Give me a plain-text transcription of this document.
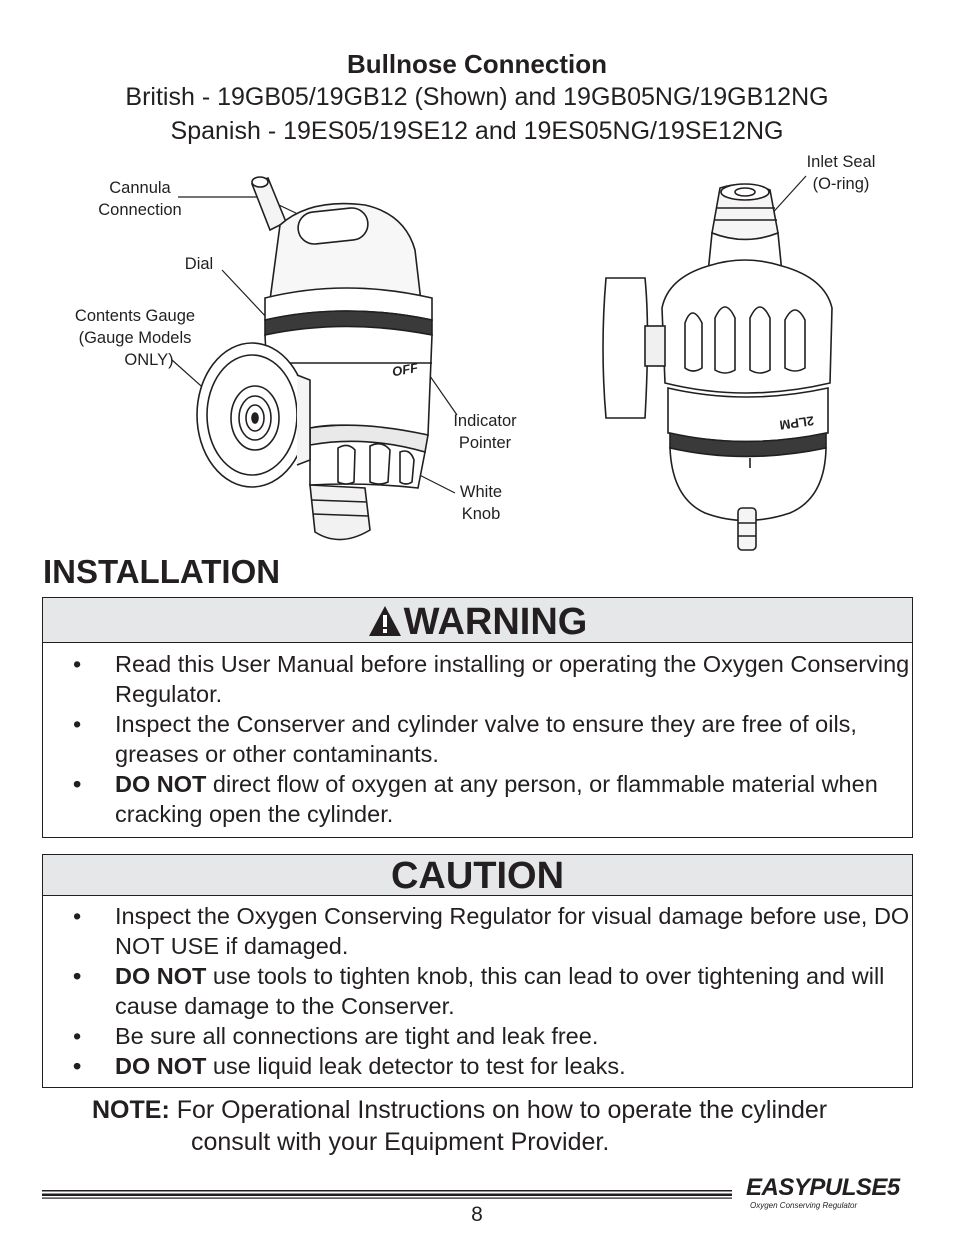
Bullnose Connection
British - 19GB05/19GB12 (Shown) and 19GB05NG/19GB12NG
Spanish - 19ES05/19SE12 and 19ES05NG/19SE12NG
Cannula
Connection
Dial
Contents Gauge
(Gauge Models
ONLY)
Indicator
Pointer
White
Knob
Inlet Seal
(O-ring)
OFF
2LPM
INSTALLATION
WARNING
• Read this User Manual before installing or operating the Oxygen Conserving Regulator.
• Inspect the Conserver and cylinder valve to ensure they are free of oils, greases or other contaminants.
• DO NOT direct flow of oxygen at any person, or flammable material when cracking open the cylinder.
CAUTION
• Inspect the Oxygen Conserving Regulator for visual damage before use, DO NOT USE if damaged.
• DO NOT use tools to tighten knob, this can lead to over tightening and will cause damage to the Conserver.
• Be sure all connections are tight and leak free.
• DO NOT use liquid leak detector to test for leaks.
NOTE: For Operational Instructions on how to operate the cylinder
consult with your Equipment Provider.
8
EASYPULSE5
Oxygen Conserving Regulator
